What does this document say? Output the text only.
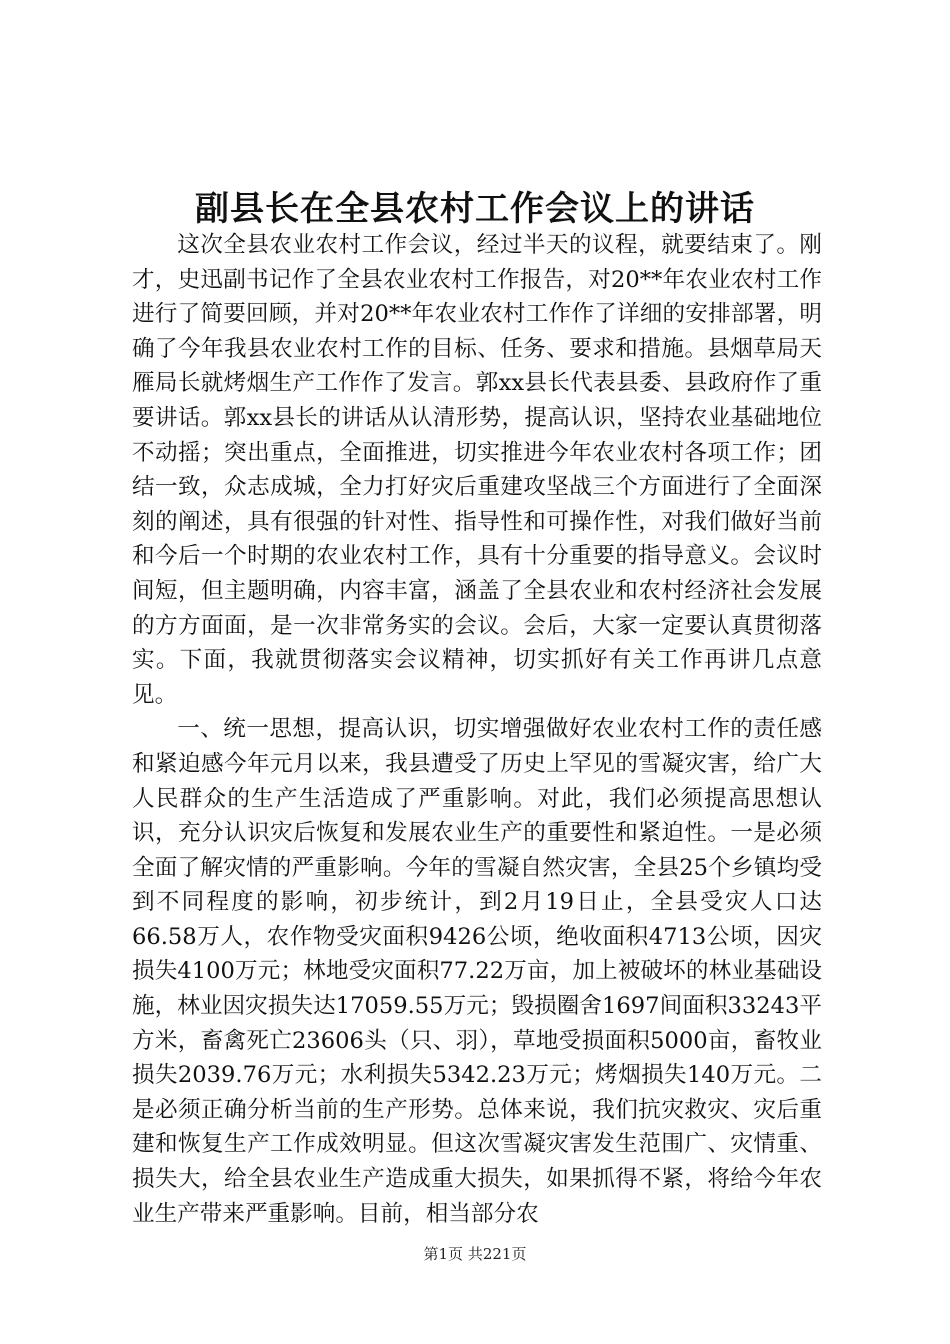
副县长在全县农村工作会议上的讲话

这次全县农业农村工作会议，经过半天的议程，就要结束了。刚才，史迅副书记作了全县农业农村工作报告，对20**年农业农村工作进行了简要回顾，并对20**年农业农村工作作了详细的安排部署，明确了今年我县农业农村工作的目标、任务、要求和措施。县烟草局天雁局长就烤烟生产工作作了发言。郭xx县长代表县委、县政府作了重要讲话。郭xx县长的讲话从认清形势，提高认识，坚持农业基础地位不动摇；突出重点，全面推进，切实推进今年农业农村各项工作；团结一致，众志成城，全力打好灾后重建攻坚战三个方面进行了全面深刻的阐述，具有很强的针对性、指导性和可操作性，对我们做好当前和今后一个时期的农业农村工作，具有十分重要的指导意义。会议时间短，但主题明确，内容丰富，涵盖了全县农业和农村经济社会发展的方方面面，是一次非常务实的会议。会后，大家一定要认真贯彻落实。下面，我就贯彻落实会议精神，切实抓好有关工作再讲几点意见。

一、统一思想，提高认识，切实增强做好农业农村工作的责任感和紧迫感今年元月以来，我县遭受了历史上罕见的雪凝灾害，给广大人民群众的生产生活造成了严重影响。对此，我们必须提高思想认识，充分认识灾后恢复和发展农业生产的重要性和紧迫性。一是必须全面了解灾情的严重影响。今年的雪凝自然灾害，全县25个乡镇均受到不同程度的影响，初步统计，到2月19日止，全县受灾人口达66.58万人，农作物受灾面积9426公顷，绝收面积4713公顷，因灾损失4100万元；林地受灾面积77.22万亩，加上被破坏的林业基础设施，林业因灾损失达17059.55万元；毁损圈舍1697间面积33243平方米，畜禽死亡23606头（只、羽），草地受损面积5000亩，畜牧业损失2039.76万元；水利损失5342.23万元；烤烟损失140万元。二是必须正确分析当前的生产形势。总体来说，我们抗灾救灾、灾后重建和恢复生产工作成效明显。但这次雪凝灾害发生范围广、灾情重、损失大，给全县农业生产造成重大损失，如果抓得不紧，将给今年农业生产带来严重影响。目前，相当部分农

第1页 共221页
